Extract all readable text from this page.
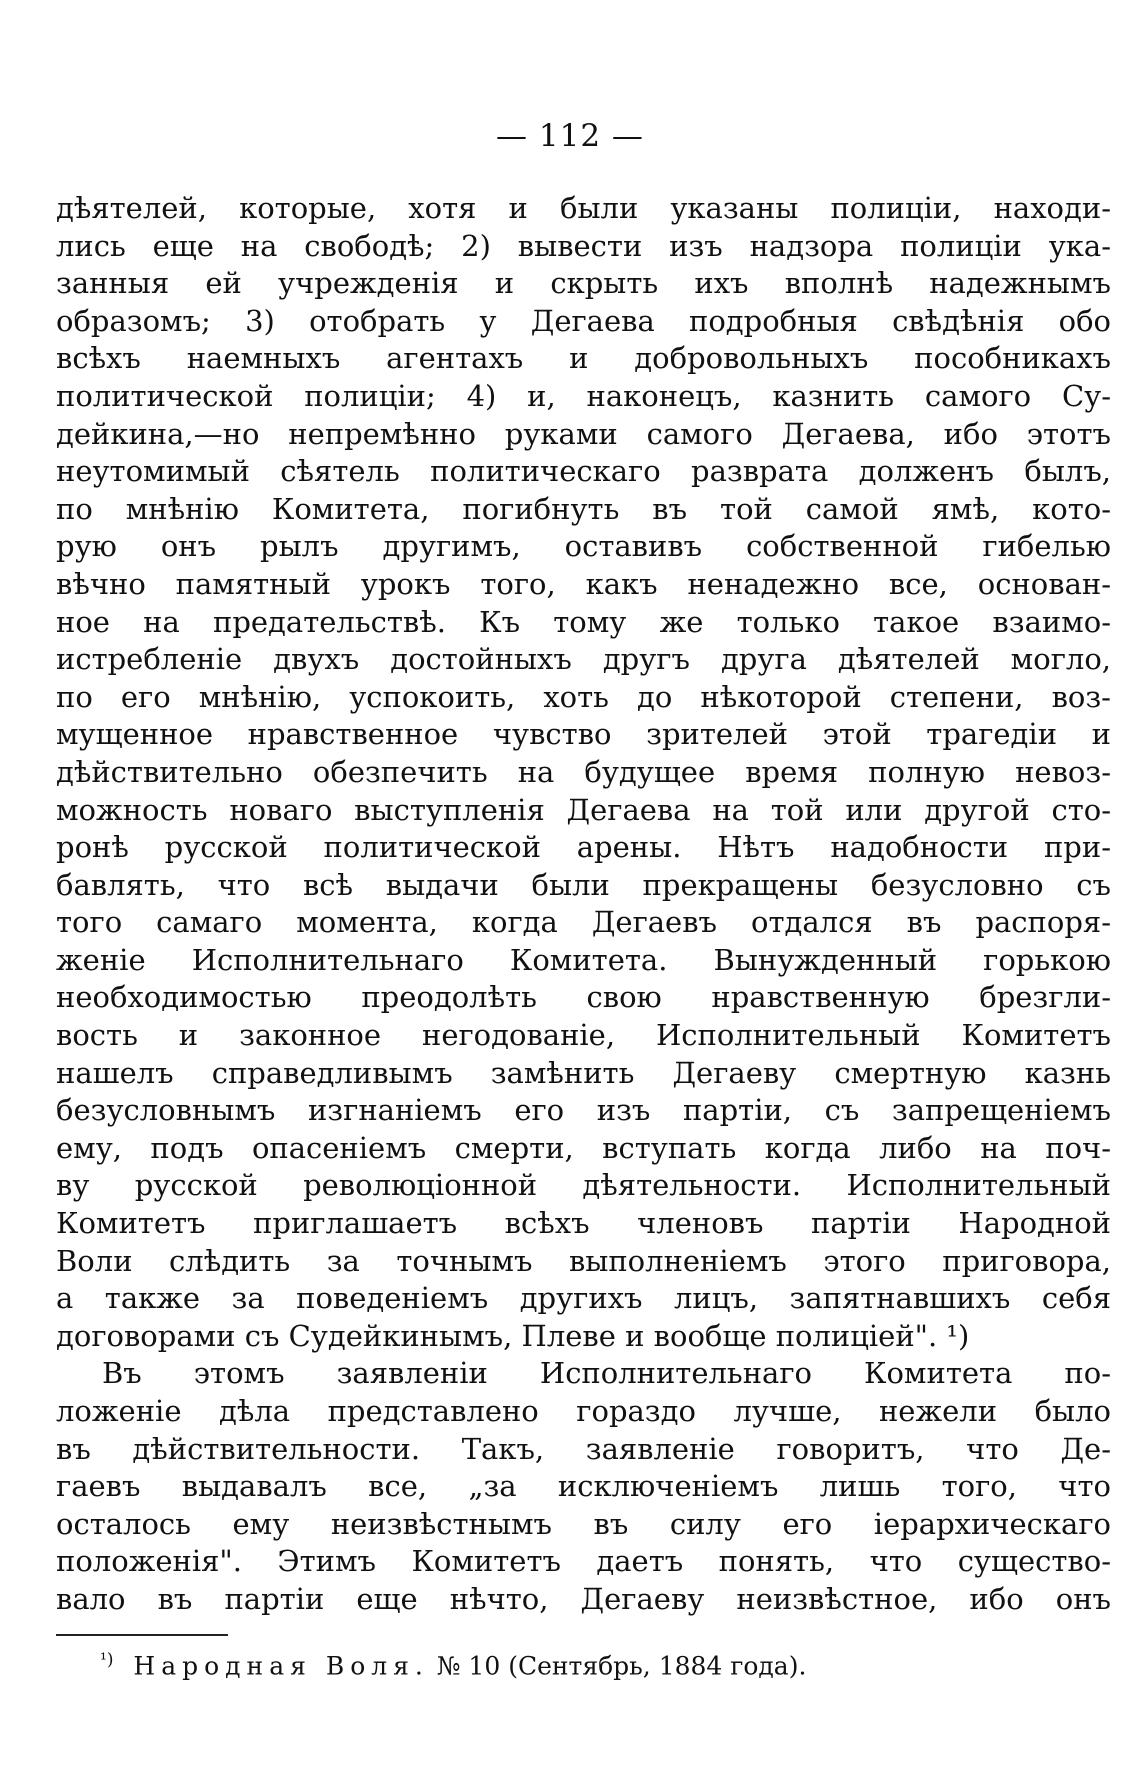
— 112 —
дѣятелей, которые, хотя и были указаны полиціи, находи-
лись еще на свободѣ; 2) вывести изъ надзора полиціи ука-
занныя ей учрежденія и скрыть ихъ вполнѣ надежнымъ
образомъ; 3) отобрать у Дегаева подробныя свѣдѣнія обо
всѣхъ наемныхъ агентахъ и добровольныхъ пособникахъ
политической полиціи; 4) и, наконецъ, казнить самого Су-
дейкина,—но непремѣнно руками самого Дегаева, ибо этотъ
неутомимый сѣятель политическаго разврата долженъ былъ,
по мнѣнію Комитета, погибнуть въ той самой ямѣ, кото-
рую онъ рылъ другимъ, оставивъ собственной гибелью
вѣчно памятный урокъ того, какъ ненадежно все, основан-
ное на предательствѣ. Къ тому же только такое взаимо-
истребленіе двухъ достойныхъ другъ друга дѣятелей могло,
по его мнѣнію, успокоить, хоть до нѣкоторой степени, воз-
мущенное нравственное чувство зрителей этой трагедіи и
дѣйствительно обезпечить на будущее время полную невоз-
можность новаго выступленія Дегаева на той или другой сто-
ронѣ русской политической арены. Нѣтъ надобности при-
бавлять, что всѣ выдачи были прекращены безусловно съ
того самаго момента, когда Дегаевъ отдался въ распоря-
женіе Исполнительнаго Комитета. Вынужденный горькою
необходимостью преодолѣть свою нравственную брезгли-
вость и законное негодованіе, Исполнительный Комитетъ
нашелъ справедливымъ замѣнить Дегаеву смертную казнь
безусловнымъ изгнаніемъ его изъ партіи, съ запрещеніемъ
ему, подъ опасеніемъ смерти, вступать когда либо на поч-
ву русской революціонной дѣятельности. Исполнительный
Комитетъ приглашаетъ всѣхъ членовъ партіи Народной
Воли слѣдить за точнымъ выполненіемъ этого приговора,
а также за поведеніемъ другихъ лицъ, запятнавшихъ себя
договорами съ Судейкинымъ, Плеве и вообще полиціей". ¹)
Въ этомъ заявленіи Исполнительнаго Комитета по-
ложеніе дѣла представлено гораздо лучше, нежели было
въ дѣйствительности. Такъ, заявленіе говоритъ, что Де-
гаевъ выдавалъ все, „за исключеніемъ лишь того, что
осталось ему неизвѣстнымъ въ силу его іерархическаго
положенія". Этимъ Комитетъ даетъ понять, что существо-
вало въ партіи еще нѣчто, Дегаеву неизвѣстное, ибо онъ
$^{^1)}$ Народная Воля. № 10 (Сентябрь, 1884 года).
